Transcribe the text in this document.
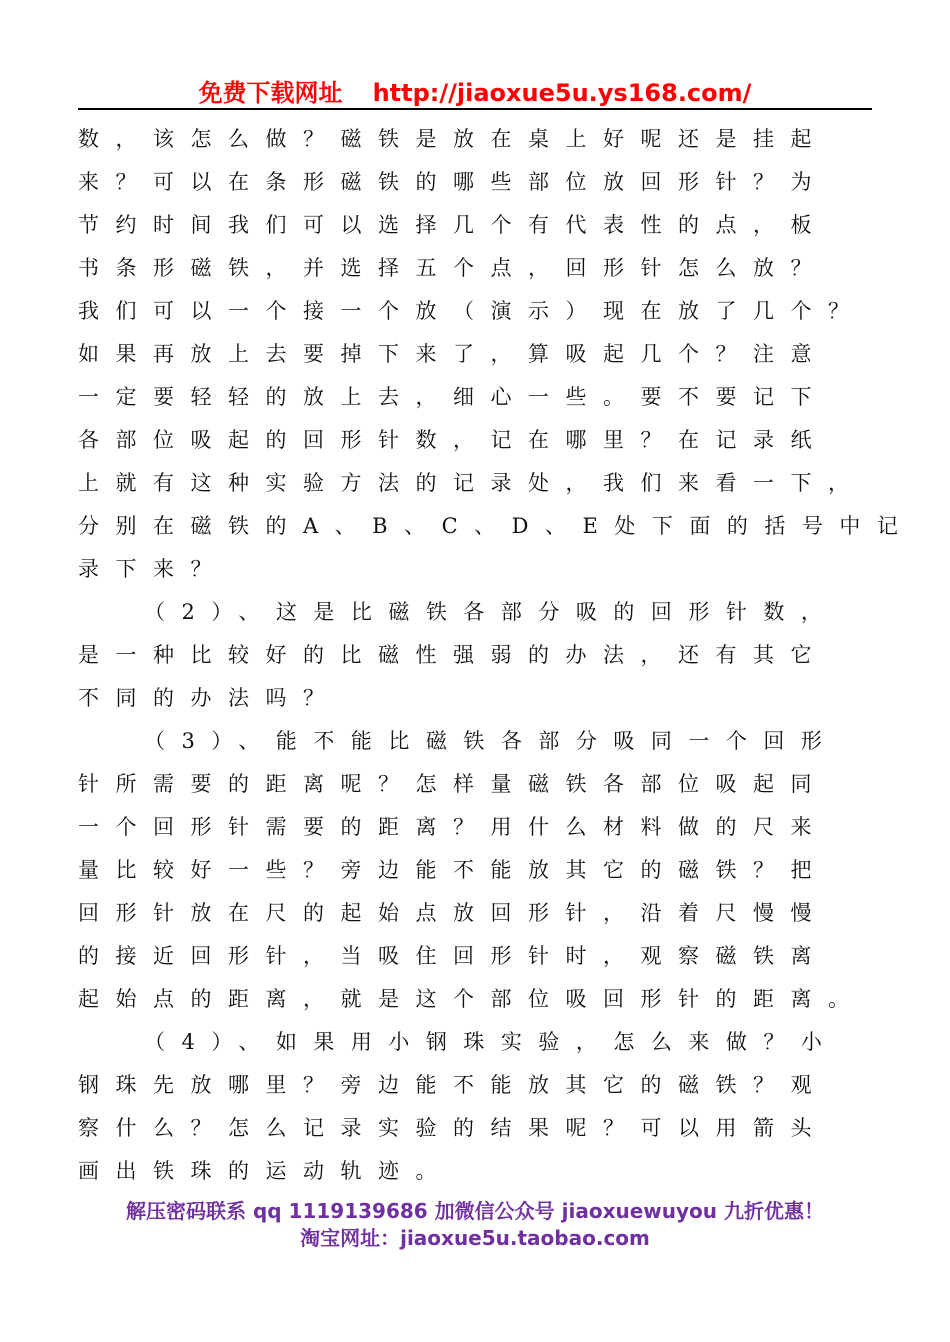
免费下载网址 http://jiaoxue5u.ys168.com/
数，该怎么做？磁铁是放在桌上好呢还是挂起
来？可以在条形磁铁的哪些部位放回形针？为
节约时间我们可以选择几个有代表性的点，板
书条形磁铁，并选择五个点，回形针怎么放？
我们可以一个接一个放（演示）现在放了几个？
如果再放上去要掉下来了，算吸起几个？注意
一定要轻轻的放上去，细心一些。要不要记下
各部位吸起的回形针数，记在哪里？在记录纸
上就有这种实验方法的记录处，我们来看一下，
分别在磁铁的A、B、C、D、E处下面的括号中记
录下来？
（2）、这是比磁铁各部分吸的回形针数，
是一种比较好的比磁性强弱的办法，还有其它
不同的办法吗？
（3）、能不能比磁铁各部分吸同一个回形
针所需要的距离呢？怎样量磁铁各部位吸起同
一个回形针需要的距离？用什么材料做的尺来
量比较好一些？旁边能不能放其它的磁铁？把
回形针放在尺的起始点放回形针，沿着尺慢慢
的接近回形针，当吸住回形针时，观察磁铁离
起始点的距离，就是这个部位吸回形针的距离。
（4）、如果用小钢珠实验，怎么来做？小
钢珠先放哪里？旁边能不能放其它的磁铁？观
察什么？怎么记录实验的结果呢？可以用箭头
画出铁珠的运动轨迹。
解压密码联系 qq 1119139686 加微信公众号 jiaoxuewuyou 九折优惠！
淘宝网址：jiaoxue5u.taobao.com
